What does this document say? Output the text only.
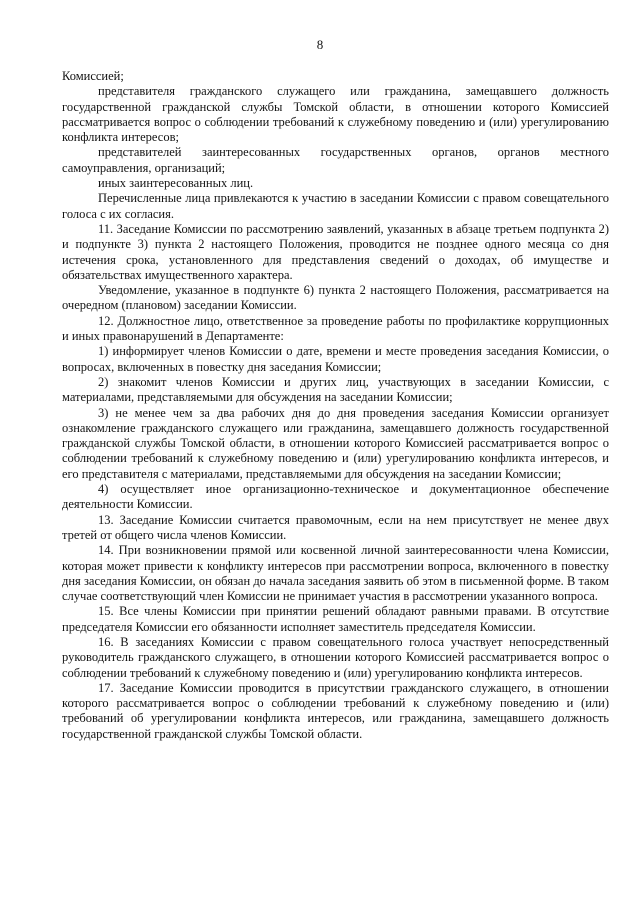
8

Комиссией;

представителя гражданского служащего или гражданина, замещавшего должность государственной гражданской службы Томской области, в отношении которого Комиссией рассматривается вопрос о соблюдении требований к служебному поведению и (или) урегулированию конфликта интересов;

представителей заинтересованных государственных органов, органов местного самоуправления, организаций;

иных заинтересованных лиц.

Перечисленные лица привлекаются к участию в заседании Комиссии с правом совещательного голоса с их согласия.

11. Заседание Комиссии по рассмотрению заявлений, указанных в абзаце третьем подпункта 2) и подпункте 3) пункта 2 настоящего Положения, проводится не позднее одного месяца со дня истечения срока, установленного для представления сведений о доходах, об имуществе и обязательствах имущественного характера.

Уведомление, указанное в подпункте 6) пункта 2 настоящего Положения, рассматривается на очередном (плановом) заседании Комиссии.

12. Должностное лицо, ответственное за проведение работы по профилактике коррупционных и иных правонарушений в Департаменте:

1) информирует членов Комиссии о дате, времени и месте проведения заседания Комиссии, о вопросах, включенных в повестку дня заседания Комиссии;

2) знакомит членов Комиссии и других лиц, участвующих в заседании Комиссии, с материалами, представляемыми для обсуждения на заседании Комиссии;

3) не менее чем за два рабочих дня до дня проведения заседания Комиссии организует ознакомление гражданского служащего или гражданина, замещавшего должность государственной гражданской службы Томской области, в отношении которого Комиссией рассматривается вопрос о соблюдении требований к служебному поведению и (или) урегулированию конфликта интересов, и его представителя с материалами, представляемыми для обсуждения на заседании Комиссии;

4) осуществляет иное организационно-техническое и документационное обеспечение деятельности Комиссии.

13. Заседание Комиссии считается правомочным, если на нем присутствует не менее двух третей от общего числа членов Комиссии.

14. При возникновении прямой или косвенной личной заинтересованности члена Комиссии, которая может привести к конфликту интересов при рассмотрении вопроса, включенного в повестку дня заседания Комиссии, он обязан до начала заседания заявить об этом в письменной форме. В таком случае соответствующий член Комиссии не принимает участия в рассмотрении указанного вопроса.

15. Все члены Комиссии при принятии решений обладают равными правами. В отсутствие председателя Комиссии его обязанности исполняет заместитель председателя Комиссии.

16. В заседаниях Комиссии с правом совещательного голоса участвует непосредственный руководитель гражданского служащего, в отношении которого Комиссией рассматривается вопрос о соблюдении требований к служебному поведению и (или) урегулированию конфликта интересов.

17. Заседание Комиссии проводится в присутствии гражданского служащего, в отношении которого рассматривается вопрос о соблюдении требований к служебному поведению и (или) требований об урегулировании конфликта интересов, или гражданина, замещавшего должность государственной гражданской службы Томской области.
